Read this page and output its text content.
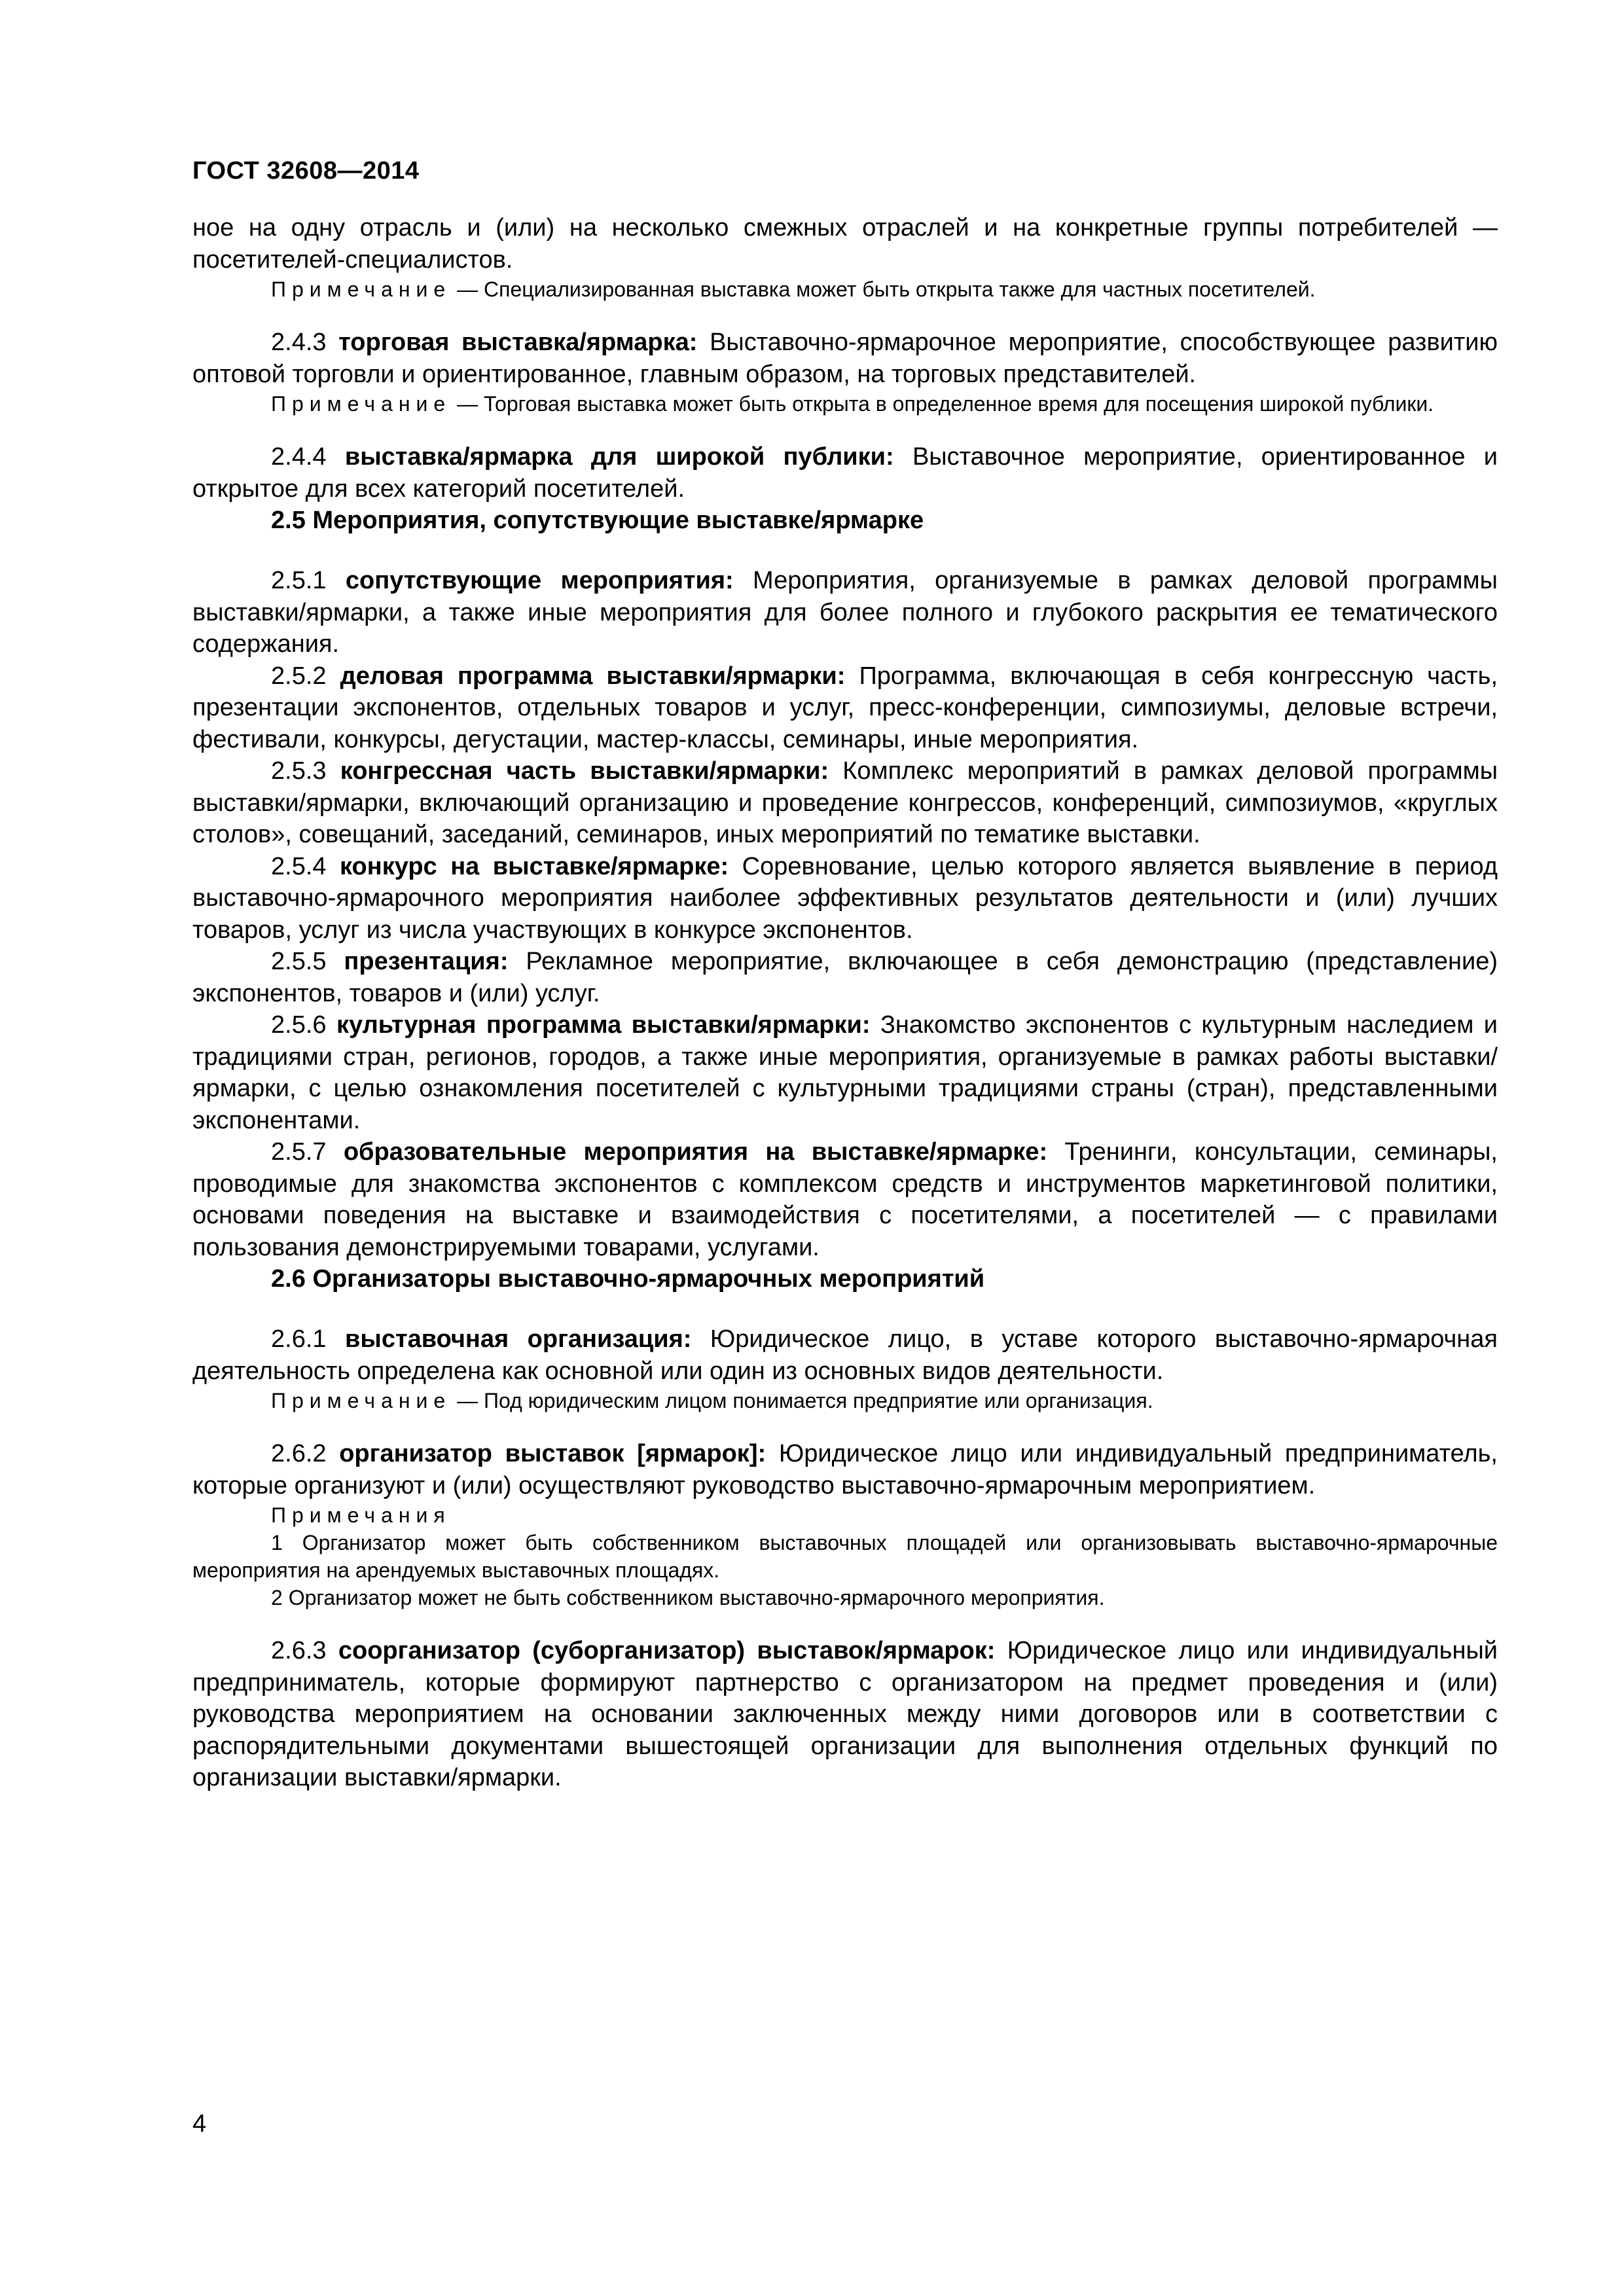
ГОСТ 32608—2014

ное на одну отрасль и (или) на несколько смежных отраслей и на конкретные группы потребителей — посетителей-специалистов.

Примечание — Специализированная выставка может быть открыта также для частных посетителей.

2.4.3 торговая выставка/ярмарка: Выставочно-ярмарочное мероприятие, способствующее развитию оптовой торговли и ориентированное, главным образом, на торговых представителей.

Примечание — Торговая выставка может быть открыта в определенное время для посещения широкой публики.

2.4.4 выставка/ярмарка для широкой публики: Выставочное мероприятие, ориентированное и открытое для всех категорий посетителей.

2.5 Мероприятия, сопутствующие выставке/ярмарке

2.5.1 сопутствующие мероприятия: Мероприятия, организуемые в рамках деловой программы выставки/ярмарки, а также иные мероприятия для более полного и глубокого раскрытия ее тематического содержания.

2.5.2 деловая программа выставки/ярмарки: Программа, включающая в себя конгрессную часть, презентации экспонентов, отдельных товаров и услуг, пресс-конференции, симпозиумы, деловые встречи, фестивали, конкурсы, дегустации, мастер-классы, семинары, иные мероприятия.

2.5.3 конгрессная часть выставки/ярмарки: Комплекс мероприятий в рамках деловой программы выставки/ярмарки, включающий организацию и проведение конгрессов, конференций, симпозиумов, «круглых столов», совещаний, заседаний, семинаров, иных мероприятий по тематике выставки.

2.5.4 конкурс на выставке/ярмарке: Соревнование, целью которого является выявление в период выставочно-ярмарочного мероприятия наиболее эффективных результатов деятельности и (или) лучших товаров, услуг из числа участвующих в конкурсе экспонентов.

2.5.5 презентация: Рекламное мероприятие, включающее в себя демонстрацию (представление) экспонентов, товаров и (или) услуг.

2.5.6 культурная программа выставки/ярмарки: Знакомство экспонентов с культурным наследием и традициями стран, регионов, городов, а также иные мероприятия, организуемые в рамках работы выставки/ярмарки, с целью ознакомления посетителей с культурными традициями страны (стран), представленными экспонентами.

2.5.7 образовательные мероприятия на выставке/ярмарке: Тренинги, консультации, семинары, проводимые для знакомства экспонентов с комплексом средств и инструментов маркетинговой политики, основами поведения на выставке и взаимодействия с посетителями, а посетителей — с правилами пользования демонстрируемыми товарами, услугами.

2.6 Организаторы выставочно-ярмарочных мероприятий

2.6.1 выставочная организация: Юридическое лицо, в уставе которого выставочно-ярмарочная деятельность определена как основной или один из основных видов деятельности.

Примечание — Под юридическим лицом понимается предприятие или организация.

2.6.2 организатор выставок [ярмарок]: Юридическое лицо или индивидуальный предприниматель, которые организуют и (или) осуществляют руководство выставочно-ярмарочным мероприятием.

Примечания

1 Организатор может быть собственником выставочных площадей или организовывать выставочно-ярмарочные мероприятия на арендуемых выставочных площадях.

2 Организатор может не быть собственником выставочно-ярмарочного мероприятия.

2.6.3 соорганизатор (суборганизатор) выставок/ярмарок: Юридическое лицо или индивидуальный предприниматель, которые формируют партнерство с организатором на предмет проведения и (или) руководства мероприятием на основании заключенных между ними договоров или в соответствии с распорядительными документами вышестоящей организации для выполнения отдельных функций по организации выставки/ярмарки.

4
